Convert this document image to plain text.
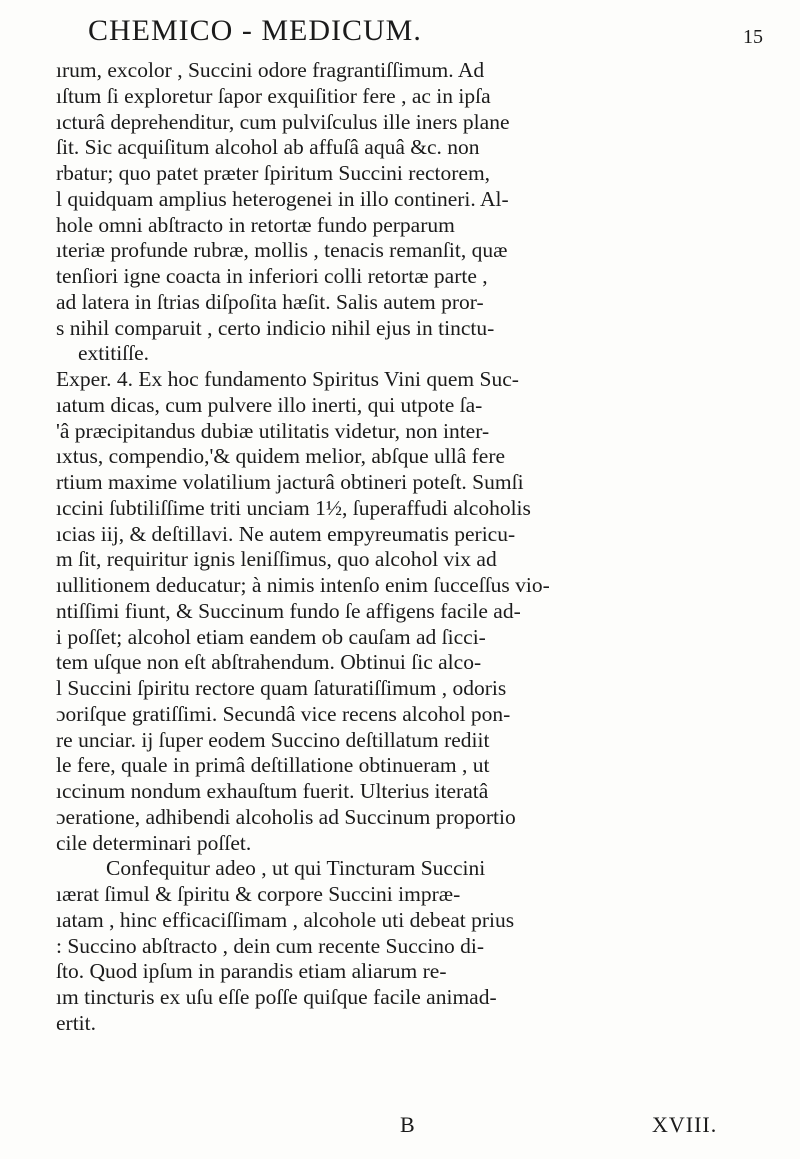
CHEMICO - MEDICUM.	15
ırum, excolor , Succini odore fragrantiſſimum. Ad
ıſtum ſi exploretur ſapor exquiſitior fere , ac in ipſa
ıcturâ deprehenditur, cum pulviſculus ille iners plane
ſit. Sic acquiſitum alcohol ab affuſâ aquâ &c. non
rbatur; quo patet præter ſpiritum Succini rectorem,
l quidquam amplius heterogenei in illo contineri. Al-
hole omni abſtracto in retortæ fundo perparum
ıteriæ profunde rubræ, mollis , tenacis remanſit, quæ
tenſiori igne coacta in inferiori colli retortæ parte ,
ad latera in ſtrias diſpoſita hæſit. Salis autem pror-
s nihil comparuit , certo indicio nihil ejus in tinctu-
extitiſſe.
Exper. 4. Ex hoc fundamento Spiritus Vini quem Suc-
ıatum dicas, cum pulvere illo inerti, qui utpote ſa-
'â præcipitandus dubiæ utilitatis videtur, non inter-
ıxtus, compendio,'& quidem melior, abſque ullâ fere
rtium maxime volatilium jacturâ obtineri poteſt. Sumſi
ıccini ſubtiliſſime triti unciam 1½, ſuperaffudi alcoholis
ıcias iij, & deſtillavi. Ne autem empyreumatis pericu-
m ſit, requiritur ignis leniſſimus, quo alcohol vix ad
ıullitionem deducatur; à nimis intenſo enim ſucceſſus vio-
ntiſſimi fiunt, & Succinum fundo ſe affigens facile ad-
i poſſet; alcohol etiam eandem ob cauſam ad ſicci-
tem uſque non eſt abſtrahendum. Obtinui ſic alco-
l Succini ſpiritu rectore quam ſaturatiſſimum , odoris
ɔoriſque gratiſſimi. Secundâ vice recens alcohol pon-
re unciar. ij ſuper eodem Succino deſtillatum rediit
le fere, quale in primâ deſtillatione obtinueram , ut
ıccinum nondum exhauſtum fuerit. Ulterius iteratâ
ɔeratione, adhibendi alcoholis ad Succinum proportio
cile determinari poſſet.
Confequitur adeo , ut qui Tincturam Succini
ıærat ſimul & ſpiritu & corpore Succini impræ-
ıatam , hinc efficaciſſimam , alcohole uti debeat prius
: Succino abſtracto , dein cum recente Succino di-
ſto. Quod ipſum in parandis etiam aliarum re-
ım tincturis ex uſu eſſe poſſe quiſque facile animad-
ertit.
B	XVIII.
